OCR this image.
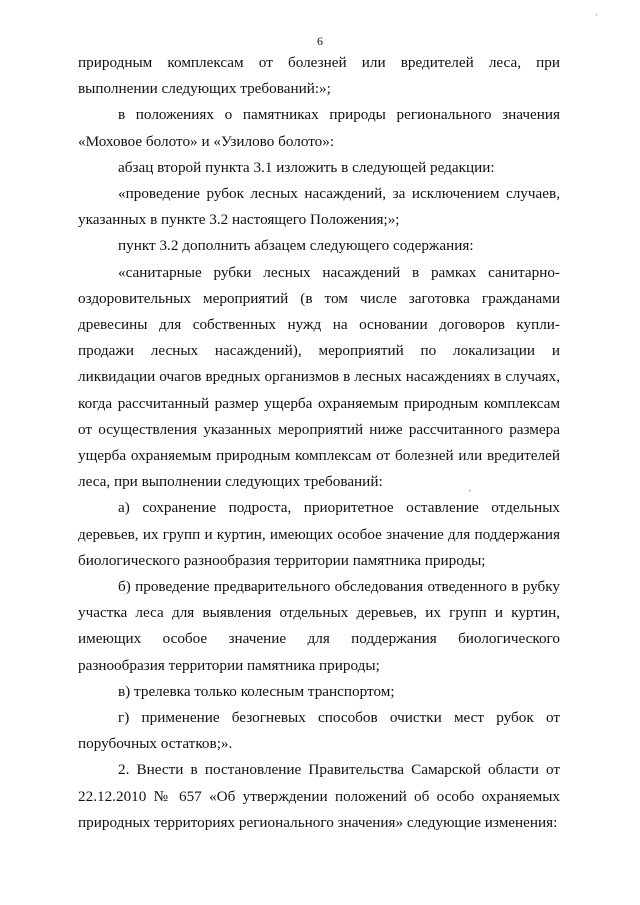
6

природным комплексам от болезней или вредителей леса, при выполнении следующих требований:»;

в положениях о памятниках природы регионального значения «Моховое болото» и «Узилово болото»:

абзац второй пункта 3.1 изложить в следующей редакции:

«проведение рубок лесных насаждений, за исключением случаев, указанных в пункте 3.2 настоящего Положения;»;

пункт 3.2 дополнить абзацем следующего содержания:

«санитарные рубки лесных насаждений в рамках санитарно-оздоровительных мероприятий (в том числе заготовка гражданами древесины для собственных нужд на основании договоров купли-продажи лесных насаждений), мероприятий по локализации и ликвидации очагов вредных организмов в лесных насаждениях в случаях, когда рассчитанный размер ущерба охраняемым природным комплексам от осуществления указанных мероприятий ниже рассчитанного размера ущерба охраняемым природным комплексам от болезней или вредителей леса, при выполнении следующих требований:

а) сохранение подроста, приоритетное оставление отдельных деревьев, их групп и куртин, имеющих особое значение для поддержания биологического разнообразия территории памятника природы;

б) проведение предварительного обследования отведенного в рубку участка леса для выявления отдельных деревьев, их групп и куртин, имеющих особое значение для поддержания биологического разнообразия территории памятника природы;

в) трелевка только колесным транспортом;

г) применение безогневых способов очистки мест рубок от порубочных остатков;».

2. Внести в постановление Правительства Самарской области от 22.12.2010 № 657 «Об утверждении положений об особо охраняемых природных территориях регионального значения» следующие изменения:

ˎ
ˈ
